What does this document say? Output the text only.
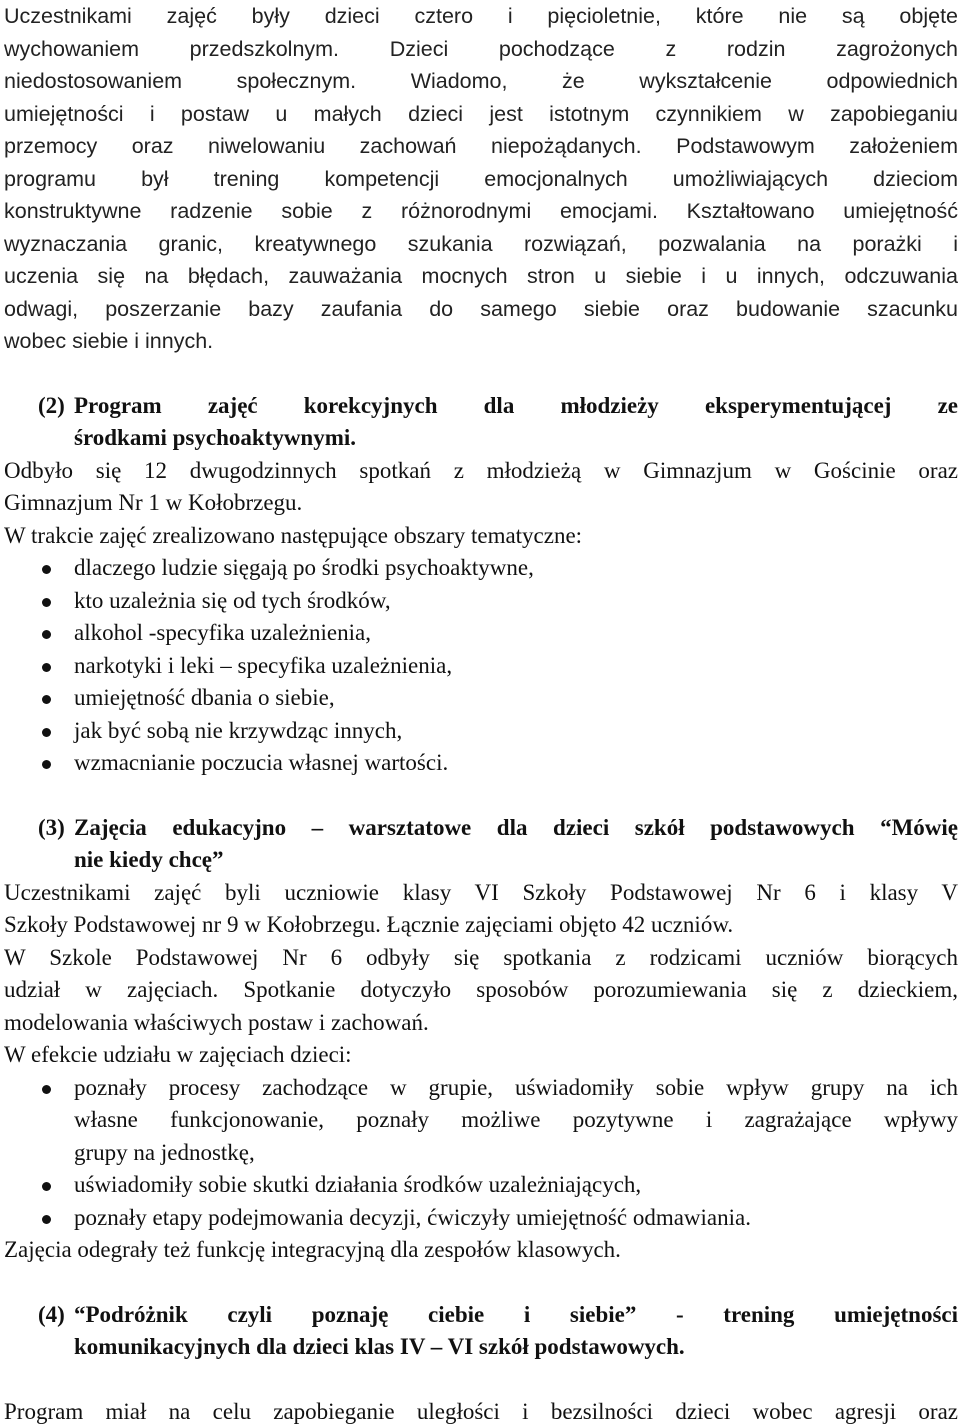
Uczestnikami zajęć były dzieci cztero i pięcioletnie, które nie są objęte
wychowaniem przedszkolnym. Dzieci pochodzące z rodzin zagrożonych
niedostosowaniem społecznym. Wiadomo, że wykształcenie odpowiednich
umiejętności i postaw u małych dzieci jest istotnym czynnikiem w zapobieganiu
przemocy oraz niwelowaniu zachowań niepożądanych. Podstawowym założeniem
programu był trening kompetencji emocjonalnych umożliwiających dzieciom
konstruktywne radzenie sobie z różnorodnymi emocjami. Kształtowano umiejętność
wyznaczania granic, kreatywnego szukania rozwiązań, pozwalania na porażki i
uczenia się na błędach, zauważania mocnych stron u siebie i u innych, odczuwania
odwagi, poszerzanie bazy zaufania do samego siebie oraz budowanie szacunku
wobec siebie i innych.
(2) Program zajęć korekcyjnych dla młodzieży eksperymentującej ze
środkami psychoaktywnymi.
Odbyło się 12 dwugodzinnych spotkań z młodzieżą w Gimnazjum w Gościnie oraz
Gimnazjum Nr 1 w Kołobrzegu.
W trakcie zajęć zrealizowano następujące obszary tematyczne:
dlaczego ludzie sięgają po środki psychoaktywne,
kto uzależnia się od tych środków,
alkohol -specyfika uzależnienia,
narkotyki i leki – specyfika uzależnienia,
umiejętność dbania o siebie,
jak być sobą nie krzywdząc innych,
wzmacnianie poczucia własnej wartości.
(3) Zajęcia edukacyjno – warsztatowe dla dzieci szkół podstawowych “Mówię
nie kiedy chcę”
Uczestnikami zajęć byli uczniowie klasy VI Szkoły Podstawowej Nr 6 i klasy V
Szkoły Podstawowej nr 9 w Kołobrzegu. Łącznie zajęciami objęto 42 uczniów.
W Szkole Podstawowej Nr 6 odbyły się spotkania z rodzicami uczniów biorących
udział w zajęciach. Spotkanie dotyczyło sposobów porozumiewania się z dzieckiem,
modelowania właściwych postaw i zachowań.
W efekcie udziału w zajęciach dzieci:
poznały procesy zachodzące w grupie, uświadomiły sobie wpływ grupy na ich
własne funkcjonowanie, poznały możliwe pozytywne i zagrażające wpływy
grupy na jednostkę,
uświadomiły sobie skutki działania środków uzależniających,
poznały etapy podejmowania decyzji, ćwiczyły umiejętność odmawiania.
Zajęcia odegrały też funkcję integracyjną dla zespołów klasowych.
(4) “Podróżnik czyli poznaję ciebie i siebie” - trening umiejętności
komunikacyjnych dla dzieci klas IV – VI szkół podstawowych.
Program miał na celu zapobieganie uległości i bezsilności dzieci wobec agresji oraz
